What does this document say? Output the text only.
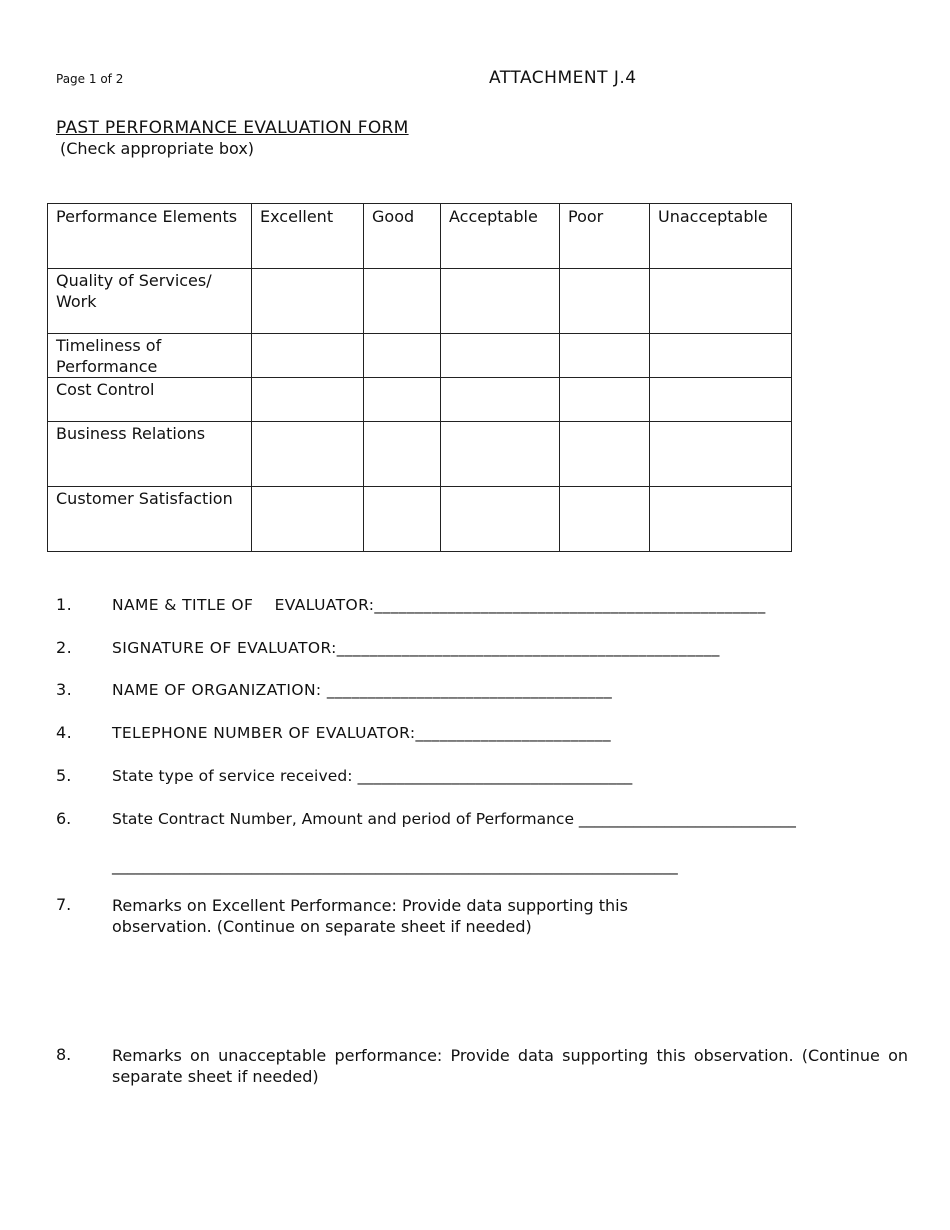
Page 1 of 2	ATTACHMENT J.4
PAST PERFORMANCE EVALUATION FORM
(Check appropriate box)
Performance Elements	Excellent	Good	Acceptable	Poor	Unacceptable
Quality of Services/ Work					
Timeliness of Performance					
Cost Control					
Business Relations					
Customer Satisfaction					
1.	NAME & TITLE OF    EVALUATOR:________________________________________________
2.	SIGNATURE OF EVALUATOR:_______________________________________________
3.	NAME OF ORGANIZATION: ___________________________________
4.	TELEPHONE NUMBER OF EVALUATOR:________________________
5.	State type of service received: ___________________________________
6.	State Contract Number, Amount and period of Performance ____________________________
_________________________________________________________________________
7.	Remarks on Excellent Performance: Provide data supporting this observation. (Continue on separate sheet if needed)
8.	Remarks on unacceptable performance: Provide data supporting this observation. (Continue on separate sheet if needed)
